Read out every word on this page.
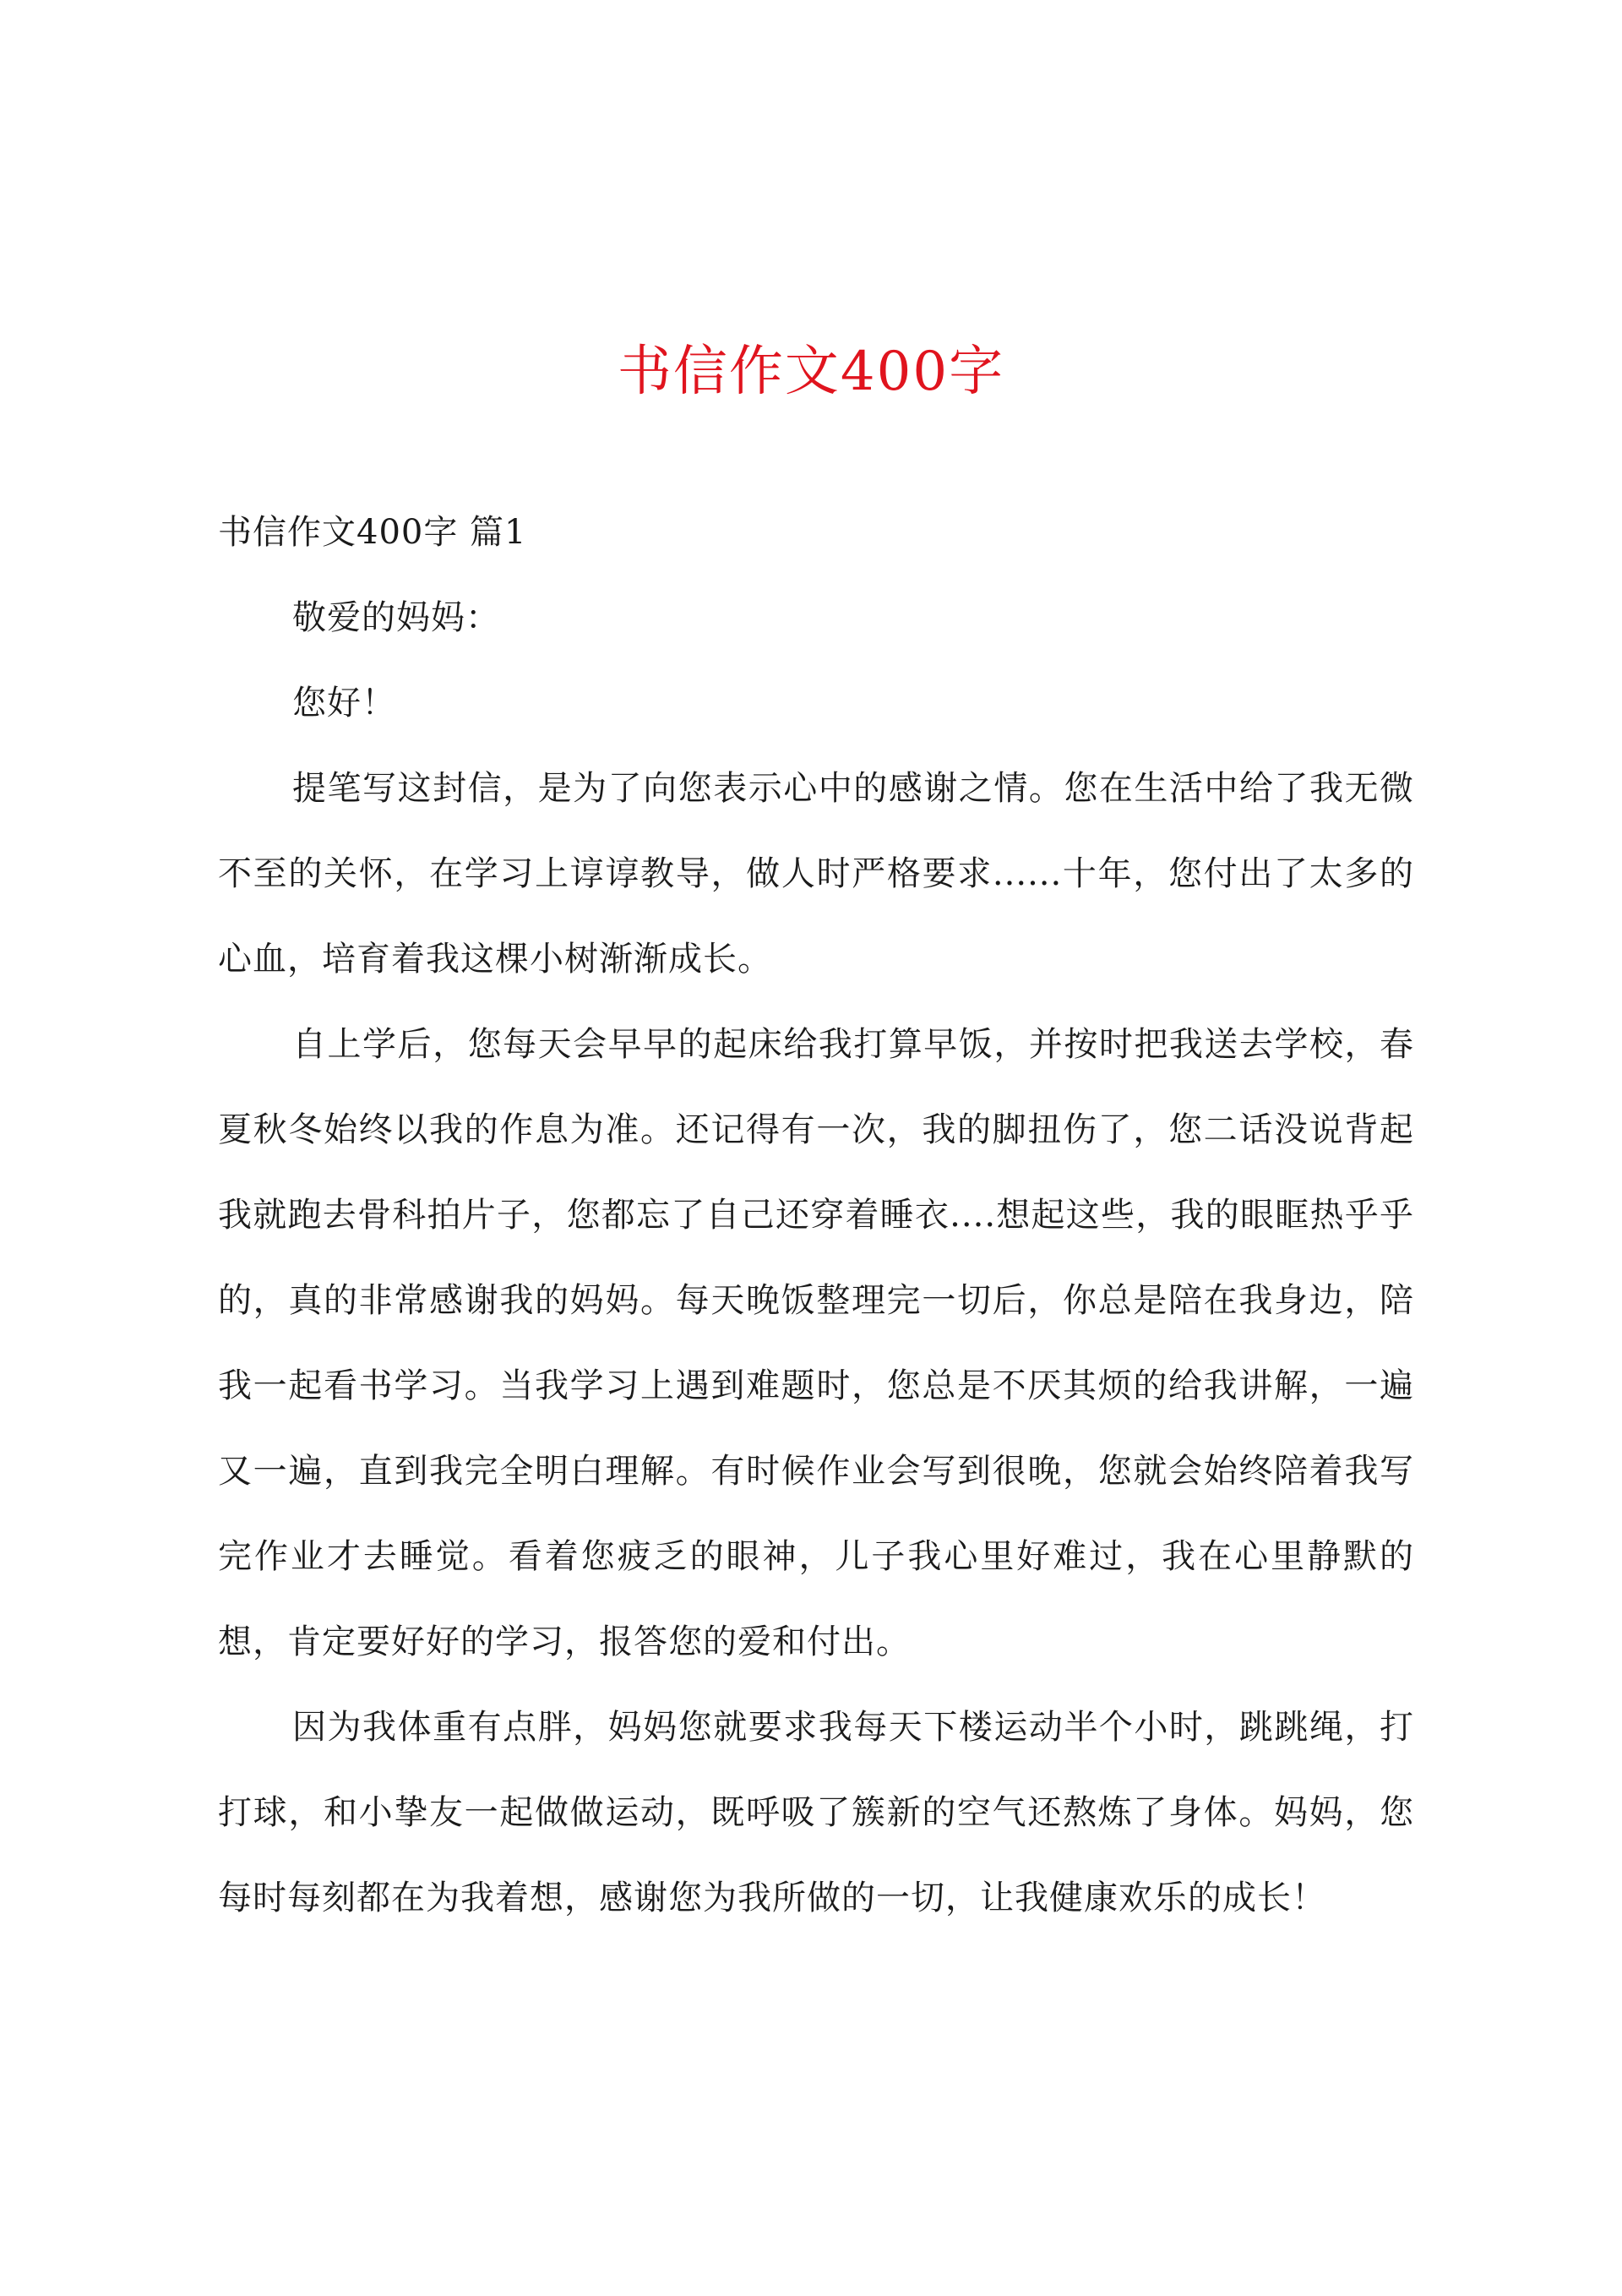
书信作文400字

书信作文400字 篇1

敬爱的妈妈：

您好！

提笔写这封信，是为了向您表示心中的感谢之情。您在生活中给了我无微不至的关怀，在学习上谆谆教导，做人时严格要求......十年，您付出了太多的心血，培育着我这棵小树渐渐成长。

自上学后，您每天会早早的起床给我打算早饭，并按时把我送去学校，春夏秋冬始终以我的作息为准。还记得有一次，我的脚扭伤了，您二话没说背起我就跑去骨科拍片子，您都忘了自己还穿着睡衣....想起这些，我的眼眶热乎乎的，真的非常感谢我的妈妈。每天晚饭整理完一切后，你总是陪在我身边，陪我一起看书学习。当我学习上遇到难题时，您总是不厌其烦的给我讲解，一遍又一遍，直到我完全明白理解。有时候作业会写到很晚，您就会始终陪着我写完作业才去睡觉。看着您疲乏的眼神，儿子我心里好难过，我在心里静默的想，肯定要好好的学习，报答您的爱和付出。

因为我体重有点胖，妈妈您就要求我每天下楼运动半个小时，跳跳绳，打打球，和小挚友一起做做运动，既呼吸了簇新的空气还熬炼了身体。妈妈，您每时每刻都在为我着想，感谢您为我所做的一切，让我健康欢乐的成长！
